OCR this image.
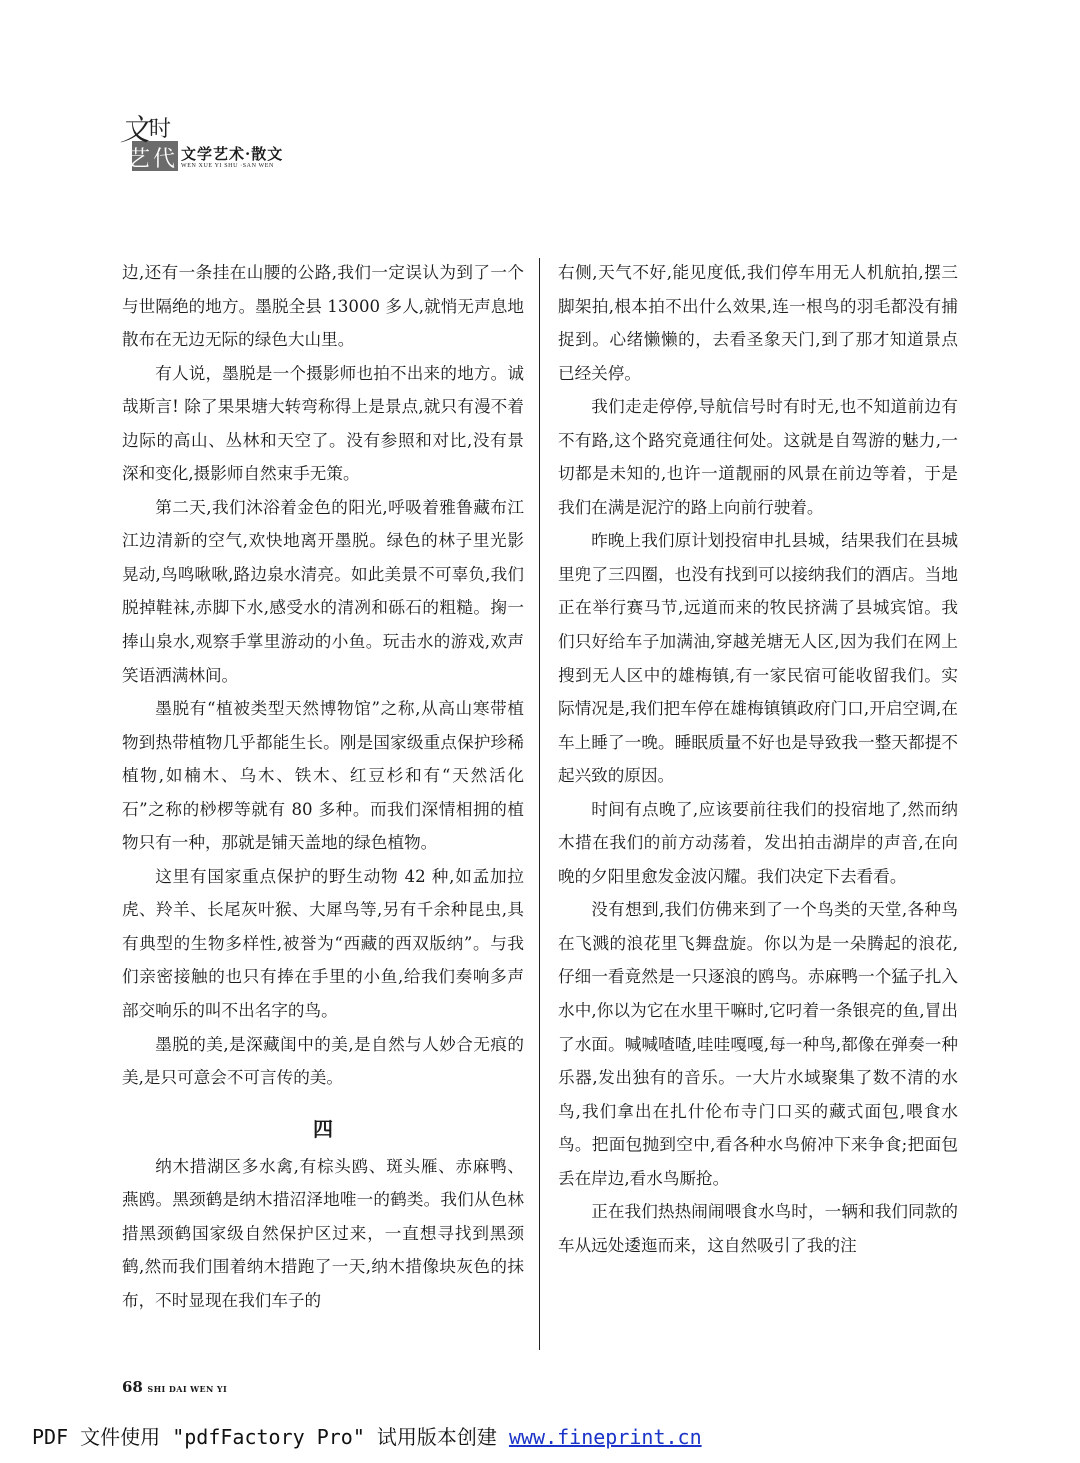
文 时
艺 代 文学艺术·散文
WEN XUE YI SHU ·SAN WEN

边,还有一条挂在山腰的公路,我们一定误认为到了一个与世隔绝的地方。墨脱全县 13000 多人,就悄无声息地散布在无边无际的绿色大山里。

有人说，墨脱是一个摄影师也拍不出来的地方。诚哉斯言! 除了果果塘大转弯称得上是景点,就只有漫不着边际的高山、丛林和天空了。没有参照和对比,没有景深和变化,摄影师自然束手无策。

第二天,我们沐浴着金色的阳光,呼吸着雅鲁藏布江江边清新的空气,欢快地离开墨脱。绿色的林子里光影晃动,鸟鸣啾啾,路边泉水清亮。如此美景不可辜负,我们脱掉鞋袜,赤脚下水,感受水的清冽和砾石的粗糙。掬一捧山泉水,观察手掌里游动的小鱼。玩击水的游戏,欢声笑语洒满林间。

墨脱有“植被类型天然博物馆”之称,从高山寒带植物到热带植物几乎都能生长。刚是国家级重点保护珍稀植物,如楠木、乌木、铁木、红豆杉和有“天然活化石”之称的桫椤等就有 80 多种。而我们深情相拥的植物只有一种，那就是铺天盖地的绿色植物。

这里有国家重点保护的野生动物 42 种,如孟加拉虎、羚羊、长尾灰叶猴、大犀鸟等,另有千余种昆虫,具有典型的生物多样性,被誉为“西藏的西双版纳”。与我们亲密接触的也只有捧在手里的小鱼,给我们奏响多声部交响乐的叫不出名字的鸟。

墨脱的美,是深藏闺中的美,是自然与人妙合无痕的美,是只可意会不可言传的美。

四

纳木措湖区多水禽,有棕头鸥、斑头雁、赤麻鸭、燕鸥。黑颈鹤是纳木措沼泽地唯一的鹤类。我们从色林措黑颈鹤国家级自然保护区过来，一直想寻找到黑颈鹤,然而我们围着纳木措跑了一天,纳木措像块灰色的抹布，不时显现在我们车子的

右侧,天气不好,能见度低,我们停车用无人机航拍,摆三脚架拍,根本拍不出什么效果,连一根鸟的羽毛都没有捕捉到。心绪懒懒的，去看圣象天门,到了那才知道景点已经关停。

我们走走停停,导航信号时有时无,也不知道前边有不有路,这个路究竟通往何处。这就是自驾游的魅力,一切都是未知的,也许一道靓丽的风景在前边等着，于是我们在满是泥泞的路上向前行驶着。

昨晚上我们原计划投宿申扎县城，结果我们在县城里兜了三四圈，也没有找到可以接纳我们的酒店。当地正在举行赛马节,远道而来的牧民挤满了县城宾馆。我们只好给车子加满油,穿越羌塘无人区,因为我们在网上搜到无人区中的雄梅镇,有一家民宿可能收留我们。实际情况是,我们把车停在雄梅镇镇政府门口,开启空调,在车上睡了一晚。睡眠质量不好也是导致我一整天都提不起兴致的原因。

时间有点晚了,应该要前往我们的投宿地了,然而纳木措在我们的前方动荡着，发出拍击湖岸的声音,在向晚的夕阳里愈发金波闪耀。我们决定下去看看。

没有想到,我们仿佛来到了一个鸟类的天堂,各种鸟在飞溅的浪花里飞舞盘旋。你以为是一朵腾起的浪花,仔细一看竟然是一只逐浪的鸥鸟。赤麻鸭一个猛子扎入水中,你以为它在水里干嘛时,它叼着一条银亮的鱼,冒出了水面。喊喊喳喳,哇哇嘎嘎,每一种鸟,都像在弹奏一种乐器,发出独有的音乐。一大片水域聚集了数不清的水鸟,我们拿出在扎什伦布寺门口买的藏式面包,喂食水鸟。把面包抛到空中,看各种水鸟俯冲下来争食;把面包丢在岸边,看水鸟厮抢。

正在我们热热闹闹喂食水鸟时，一辆和我们同款的车从远处逶迤而来，这自然吸引了我的注

68 SHI DAI WEN YI
PDF 文件使用 "pdfFactory Pro" 试用版本创建 www.fineprint.cn
